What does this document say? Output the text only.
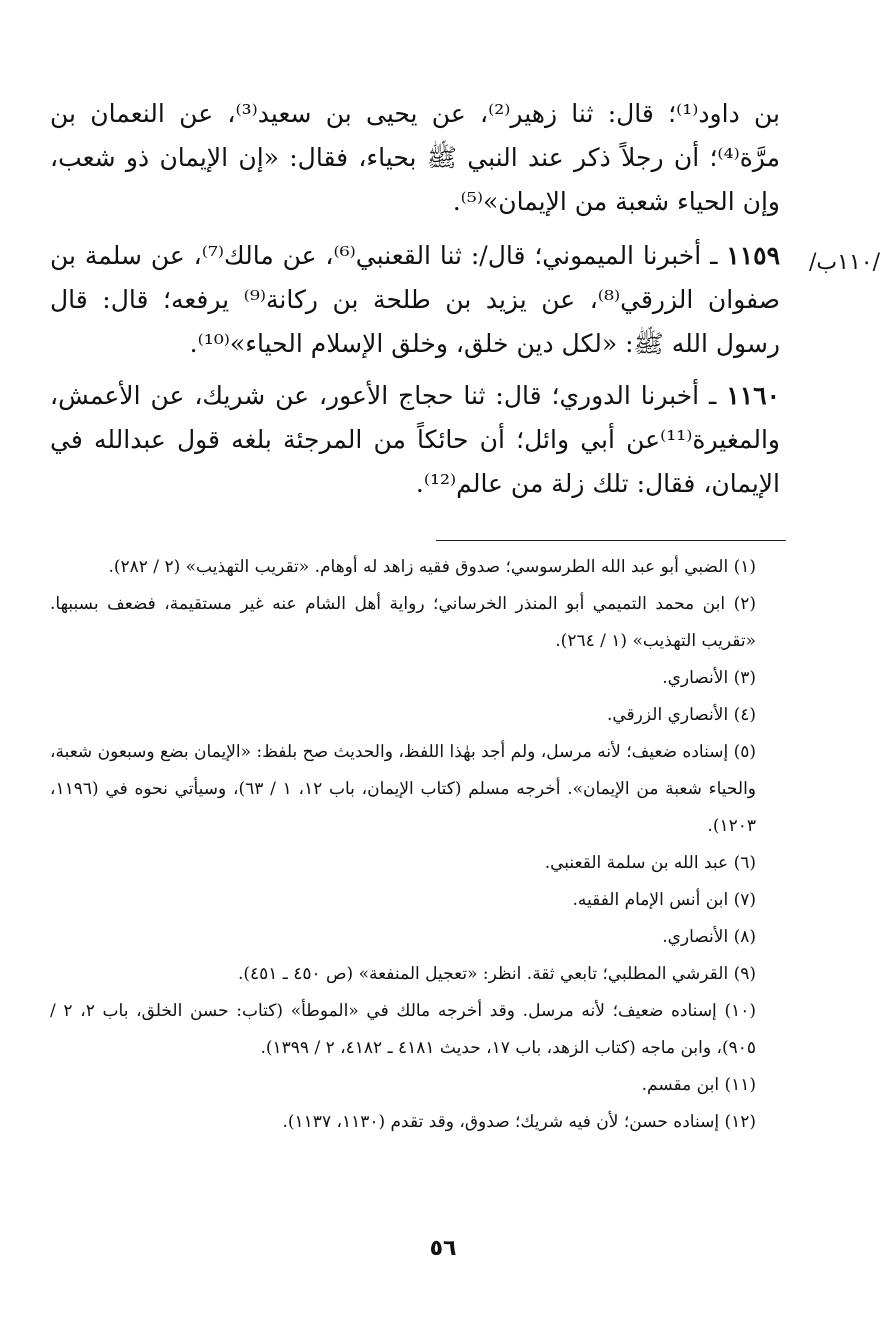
/١١٠ب/

بن داود⁽¹⁾؛ قال: ثنا زهير⁽²⁾، عن يحيى بن سعيد⁽³⁾، عن النعمان بن مرَّة⁽⁴⁾؛ أن رجلاً ذكر عند النبي ﷺ بحياء، فقال: «إن الإيمان ذو شعب، وإن الحياء شعبة من الإيمان»⁽⁵⁾.

١١٥٩ ـ أخبرنا الميموني؛ قال/: ثنا القعنبي⁽⁶⁾، عن مالك⁽⁷⁾، عن سلمة بن صفوان الزرقي⁽⁸⁾، عن يزيد بن طلحة بن ركانة⁽⁹⁾ يرفعه؛ قال: قال رسول الله ﷺ: «لكل دين خلق، وخلق الإسلام الحياء»⁽¹⁰⁾.

١١٦٠ ـ أخبرنا الدوري؛ قال: ثنا حجاج الأعور، عن شريك، عن الأعمش، والمغيرة⁽¹¹⁾عن أبي وائل؛ أن حائكاً من المرجئة بلغه قول عبدالله في الإيمان، فقال: تلك زلة من عالم⁽¹²⁾.

(١) الضبي أبو عبد الله الطرسوسي؛ صدوق فقيه زاهد له أوهام. «تقريب التهذيب» (٢ / ٢٨٢).

(٢) ابن محمد التميمي أبو المنذر الخرساني؛ رواية أهل الشام عنه غير مستقيمة، فضعف بسببها. «تقريب التهذيب» (١ / ٢٦٤).

(٣) الأنصاري.

(٤) الأنصاري الزرقي.

(٥) إسناده ضعيف؛ لأنه مرسل، ولم أجد بهٰذا اللفظ، والحديث صح بلفظ: «الإيمان بضع وسبعون شعبة، والحياء شعبة من الإيمان». أخرجه مسلم (كتاب الإيمان، باب ١٢، ١ / ٦٣)، وسيأتي نحوه في (١١٩٦، ١٢٠٣).

(٦) عبد الله بن سلمة القعنبي.

(٧) ابن أنس الإمام الفقيه.

(٨) الأنصاري.

(٩) القرشي المطلبي؛ تابعي ثقة. انظر: «تعجيل المنفعة» (ص ٤٥٠ ـ ٤٥١).

(١٠) إسناده ضعيف؛ لأنه مرسل. وقد أخرجه مالك في «الموطأ» (كتاب: حسن الخلق، باب ٢، ٢ / ٩٠٥)، وابن ماجه (كتاب الزهد، باب ١٧، حديث ٤١٨١ ـ ٤١٨٢، ٢ / ١٣٩٩).

(١١) ابن مقسم.

(١٢) إسناده حسن؛ لأن فيه شريك؛ صدوق، وقد تقدم (١١٣٠، ١١٣٧).

٥٦
